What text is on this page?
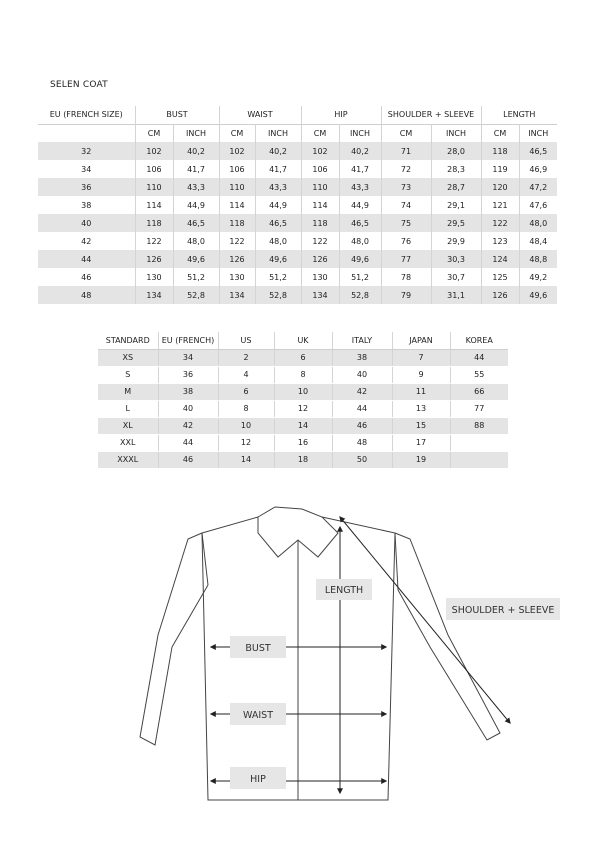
SELEN COAT
EU (FRENCH SIZE)	BUST		WAIST		HIP		SHOULDER + SLEEVE		LENGTH	
	CM	INCH	CM	INCH	CM	INCH	CM	INCH	CM	INCH
32	102	40,2	102	40,2	102	40,2	71	28,0	118	46,5
34	106	41,7	106	41,7	106	41,7	72	28,3	119	46,9
36	110	43,3	110	43,3	110	43,3	73	28,7	120	47,2
38	114	44,9	114	44,9	114	44,9	74	29,1	121	47,6
40	118	46,5	118	46,5	118	46,5	75	29,5	122	48,0
42	122	48,0	122	48,0	122	48,0	76	29,9	123	48,4
44	126	49,6	126	49,6	126	49,6	77	30,3	124	48,8
46	130	51,2	130	51,2	130	51,2	78	30,7	125	49,2
48	134	52,8	134	52,8	134	52,8	79	31,1	126	49,6
STANDARD	EU (FRENCH)	US	UK	ITALY	JAPAN	KOREA
XS	34	2	6	38	7	44
S	36	4	8	40	9	55
M	38	6	10	42	11	66
L	40	8	12	44	13	77
XL	42	10	14	46	15	88
XXL	44	12	16	48	17	
XXXL	46	14	18	50	19	
LENGTH
SHOULDER + SLEEVE
BUST
WAIST
HIP
